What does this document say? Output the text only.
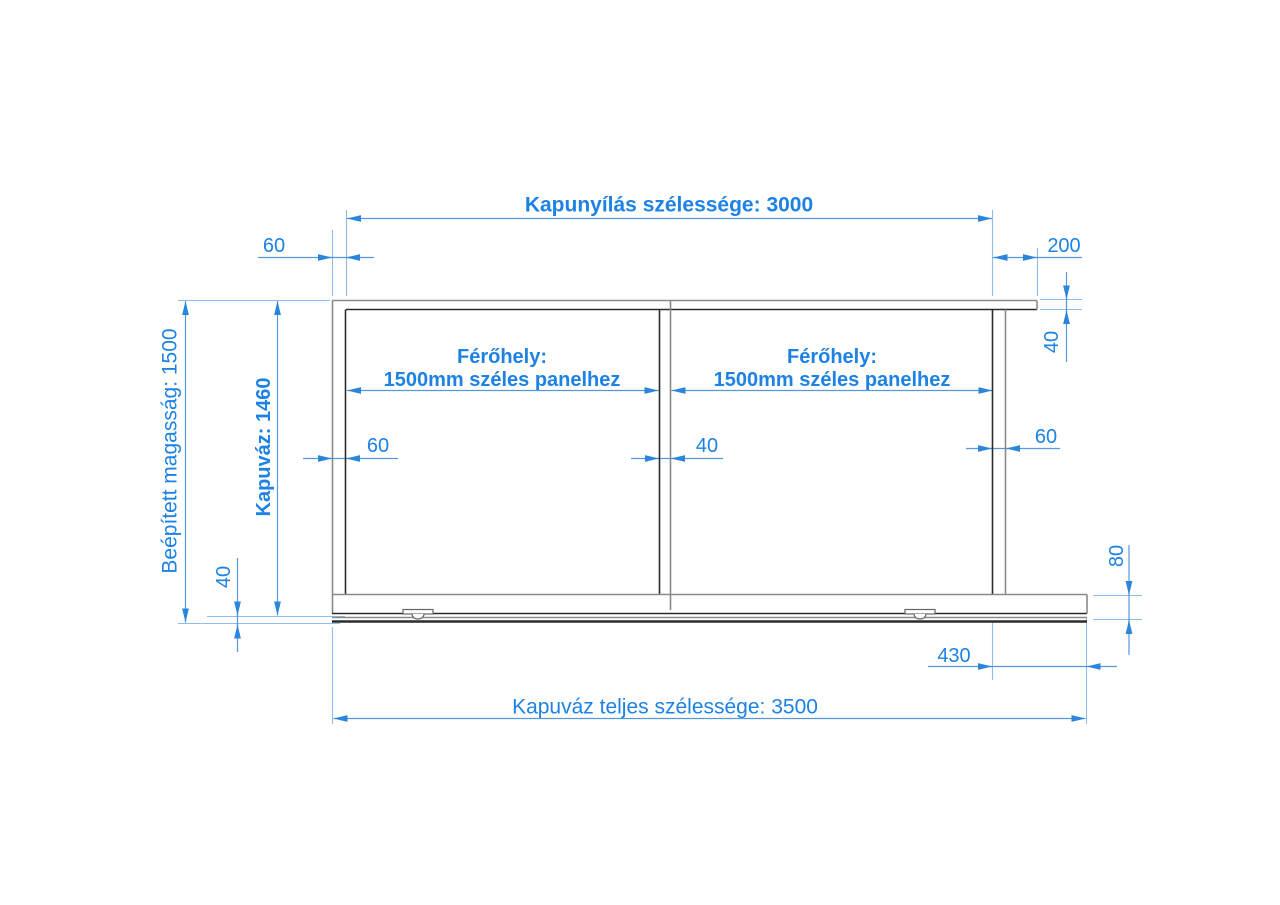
Kapunyílás szélessége: 3000
60	200
40
Beépített magasság: 1500	Kapuváz: 1460
40
Férőhely:
1500mm széles panelhez
Férőhely:
1500mm széles panelhez
60	40	60
80
430
Kapuváz teljes szélessége: 3500
